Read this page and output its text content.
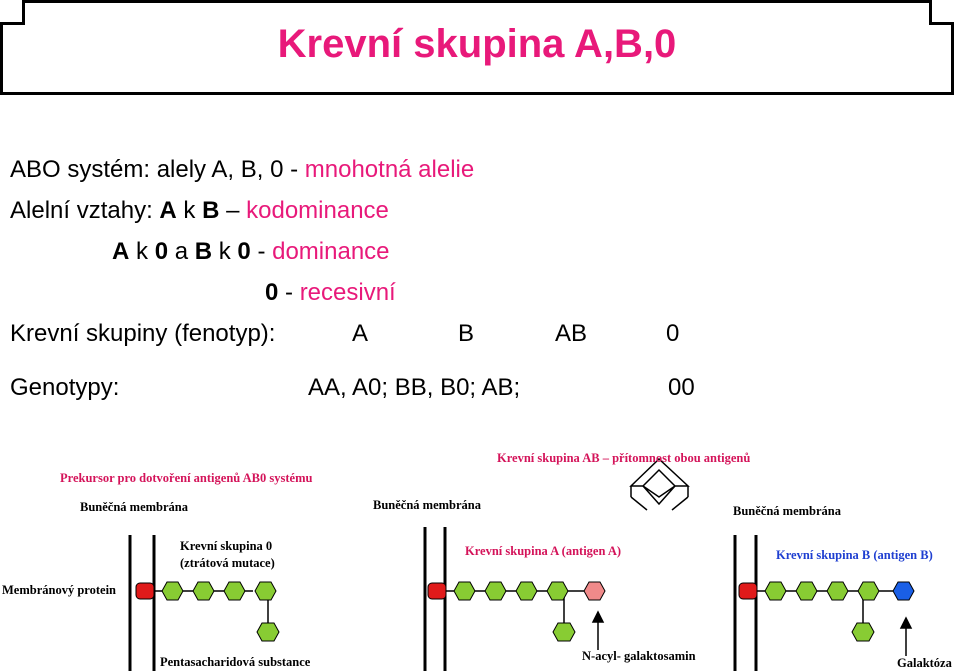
Krevní skupina A,B,0
ABO systém: alely A, B, 0 - mnohotná alelie
Alelní vztahy: A k B – kodominance
A k 0 a B k 0 - dominance
0 - recesivní
Krevní skupiny (fenotyp):	A	B	AB	0
Genotypy:	AA, A0; BB, B0; AB;	00
Prekursor pro dotvoření antigenů AB0 systému
Krevní skupina AB – přítomnost obou antigenů
Buněčná membrána	Buněčná membrána	Buněčná membrána
Membránový protein
Krevní skupina 0
(ztrátová mutace)
Krevní skupina A (antigen A)	Krevní skupina B (antigen B)
Pentasacharidová substance	N-acyl- galaktosamin	Galaktóza
